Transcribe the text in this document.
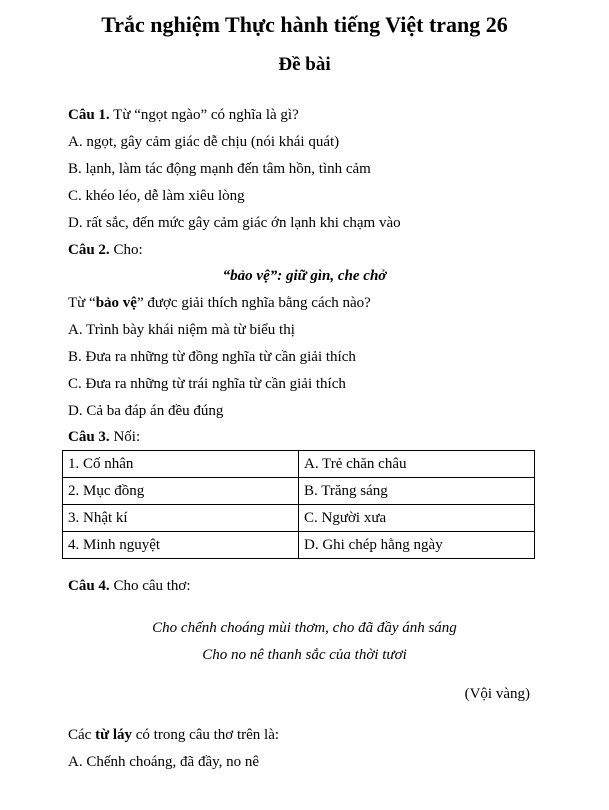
Trắc nghiệm Thực hành tiếng Việt trang 26
Đề bài
Câu 1. Từ “ngọt ngào” có nghĩa là gì?
A. ngọt, gây cảm giác dễ chịu (nói khái quát)
B. lạnh, làm tác động mạnh đến tâm hồn, tình cảm
C. khéo léo, dễ làm xiêu lòng
D. rất sắc, đến mức gây cảm giác ớn lạnh khi chạm vào
Câu 2. Cho:
“bảo vệ”: giữ gìn, che chở
Từ “bảo vệ” được giải thích nghĩa bằng cách nào?
A. Trình bày khái niệm mà từ biểu thị
B. Đưa ra những từ đồng nghĩa từ cần giải thích
C. Đưa ra những từ trái nghĩa từ cần giải thích
D. Cả ba đáp án đều đúng
Câu 3. Nối:
1. Cố nhân	A. Trẻ chăn châu
2. Mục đồng	B. Trăng sáng
3. Nhật kí	C. Người xưa
4. Minh nguyệt	D. Ghi chép hằng ngày
Câu 4. Cho câu thơ:
Cho chếnh choáng mùi thơm, cho đã đầy ánh sáng
Cho no nê thanh sắc của thời tươi
(Vội vàng)
Các từ láy có trong câu thơ trên là:
A. Chếnh choáng, đã đầy, no nê
